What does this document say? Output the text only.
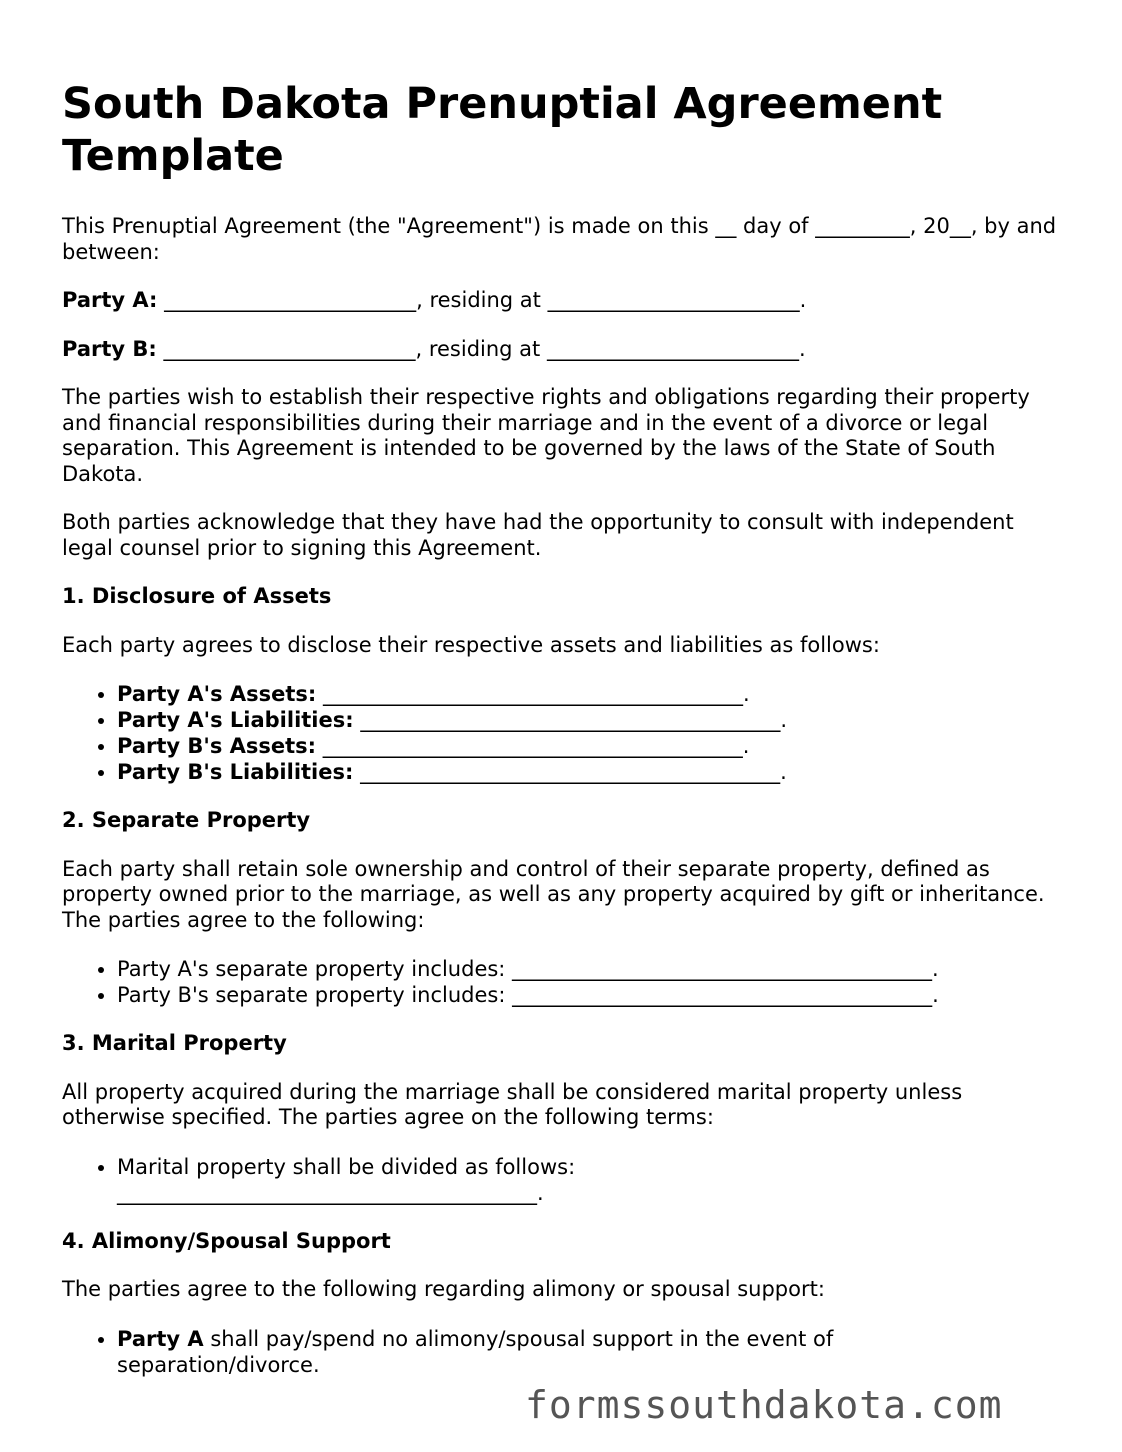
South Dakota Prenuptial Agreement Template

This Prenuptial Agreement (the "Agreement") is made on this __ day of _________, 20__, by and between:

Party A: ________________________, residing at ________________________.

Party B: ________________________, residing at ________________________.

The parties wish to establish their respective rights and obligations regarding their property and financial responsibilities during their marriage and in the event of a divorce or legal separation. This Agreement is intended to be governed by the laws of the State of South Dakota.

Both parties acknowledge that they have had the opportunity to consult with independent legal counsel prior to signing this Agreement.

1. Disclosure of Assets

Each party agrees to disclose their respective assets and liabilities as follows:

• Party A's Assets: ________________________________________.
• Party A's Liabilities: ________________________________________.
• Party B's Assets: ________________________________________.
• Party B's Liabilities: ________________________________________.
2. Separate Property

Each party shall retain sole ownership and control of their separate property, defined as property owned prior to the marriage, as well as any property acquired by gift or inheritance. The parties agree to the following:

• Party A's separate property includes: ________________________________________.
• Party B's separate property includes: ________________________________________.
3. Marital Property

All property acquired during the marriage shall be considered marital property unless otherwise specified. The parties agree on the following terms:

• Marital property shall be divided as follows: ________________________________________.
4. Alimony/Spousal Support

The parties agree to the following regarding alimony or spousal support:

• Party A shall pay/spend no alimony/spousal support in the event of separation/divorce.
formssouthdakota.com
